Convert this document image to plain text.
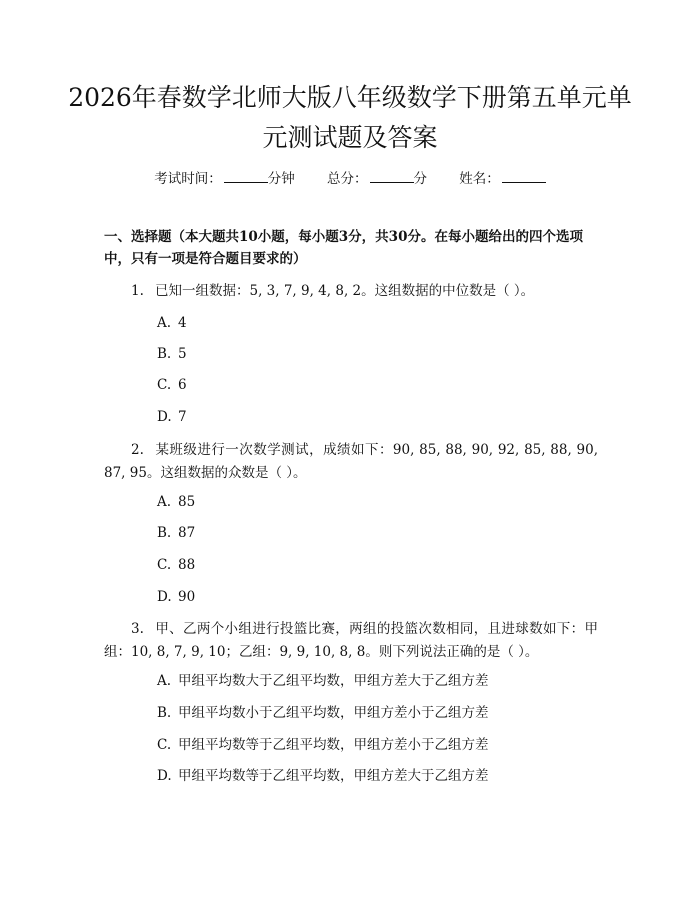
2026年春数学北师大版八年级数学下册第五单元单元测试题及答案
考试时间：	分钟 总分：	分 姓名：

一、选择题（本大题共10小题，每小题3分，共30分。在每小题给出的四个选项中，只有一项是符合题目要求的）

1. 已知一组数据：5, 3, 7, 9, 4, 8, 2。这组数据的中位数是（ ）。

A. 4
B. 5
C. 6
D. 7

2. 某班级进行一次数学测试，成绩如下：90, 85, 88, 90, 92, 85, 88, 90, 87, 95。这组数据的众数是（ ）。

A. 85
B. 87
C. 88
D. 90

3. 甲、乙两个小组进行投篮比赛，两组的投篮次数相同，且进球数如下：甲组：10, 8, 7, 9, 10；乙组：9, 9, 10, 8, 8。则下列说法正确的是（ ）。

A. 甲组平均数大于乙组平均数，甲组方差大于乙组方差
B. 甲组平均数小于乙组平均数，甲组方差小于乙组方差
C. 甲组平均数等于乙组平均数，甲组方差小于乙组方差
D. 甲组平均数等于乙组平均数，甲组方差大于乙组方差
